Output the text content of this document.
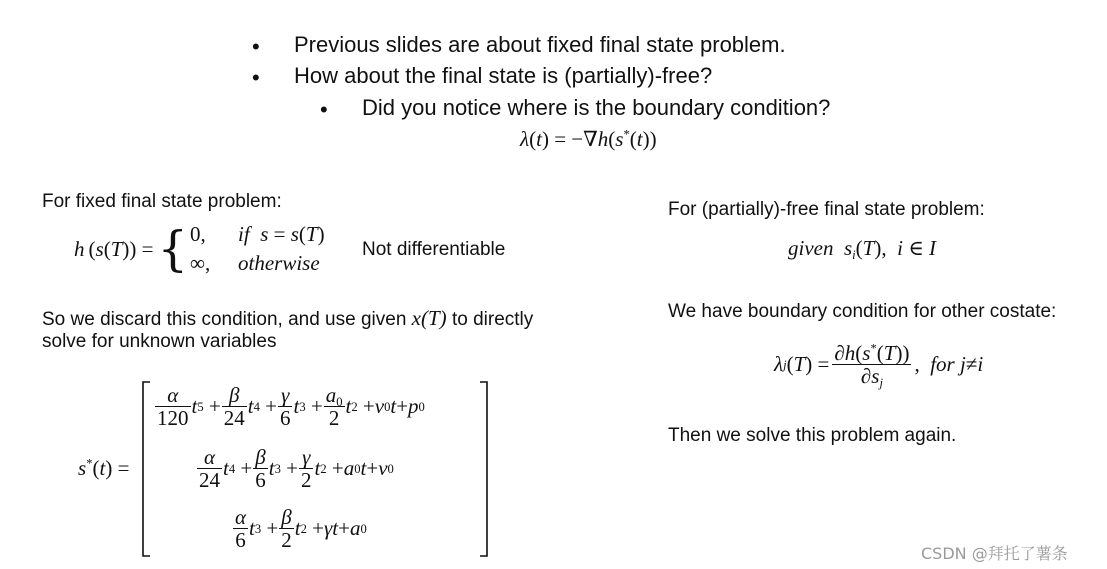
• Previous slides are about fixed final state problem.
• How about the final state is (partially)-free?
• Did you notice where is the boundary condition?
λ(t) = −∇h(s*(t))
For fixed final state problem:
h ( s ( T )) = { 0, if s = s(T)
∞, otherwise
Not differentiable
So we discard this condition, and use given x(T) to directly
solve for unknown variables
s*(t) =
$\frac{\alpha}{120}$ t $5 + \frac{\beta}{24}$ t $4 + \frac{\gamma}{6}$ t $3 + \frac{a_0}{2}$ t 2 + v 0 t + p 0
$\frac{\alpha}{24}$ t $4 + \frac{\beta}{6}$ t $3 + \frac{\gamma}{2}$ t 2 + a 0 t + v 0
$\frac{\alpha}{6}$ t $3 + \frac{\beta}{2}$ t 2 + γt + a 0
For (partially)-free final state problem:
given $s_i(T)$,  i ∈ I
We have boundary condition for other costate:
λ j ( T ) = $\frac{\partial h(s^*(T))}{\partial s_j}$ , for j ≠ i
Then we solve this problem again.
CSDN @拜托了薯条
